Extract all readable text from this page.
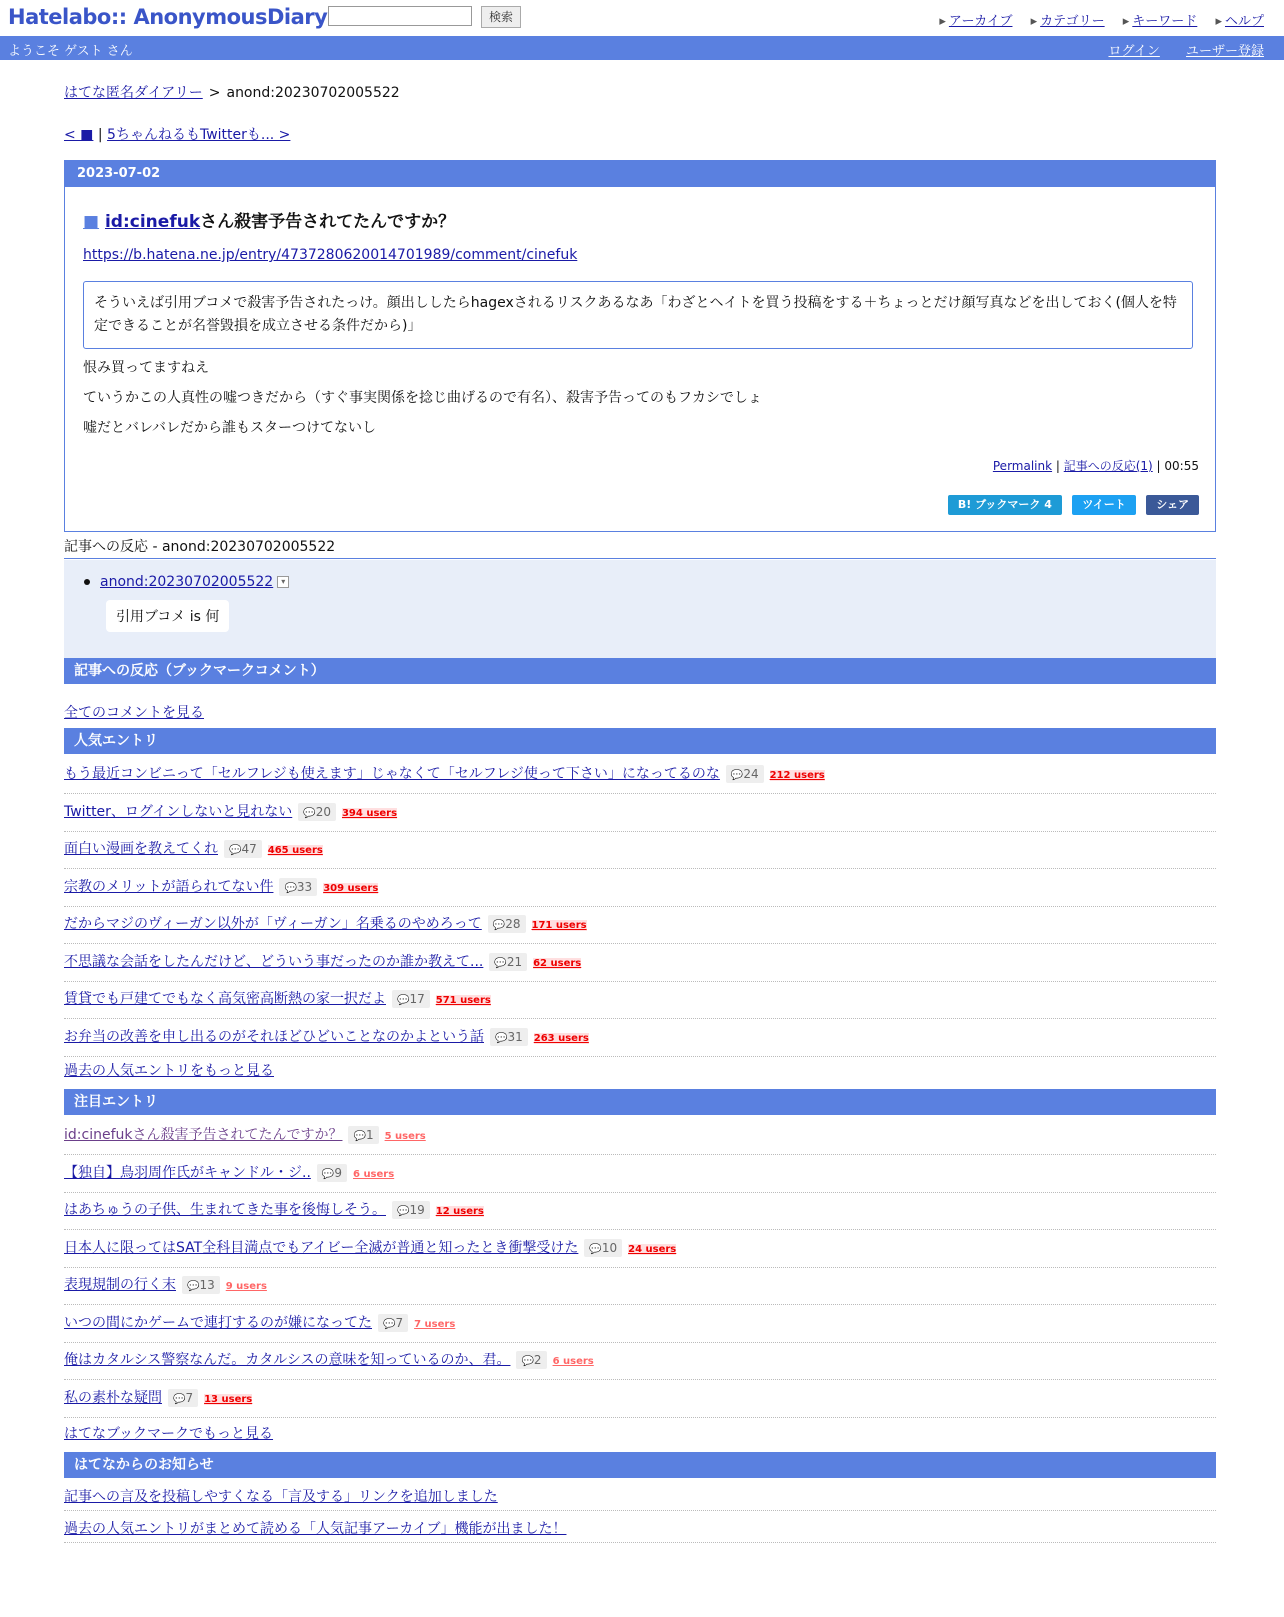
Hatelabo:: AnonymousDiary	検索	▸ アーカイブ ▸ カテゴリー ▸ キーワード ▸ ヘルプ
ようこそ ゲスト さん	ログイン ユーザー登録
はてな匿名ダイアリー > anond:20230702005522
< ■ | 5ちゃんねるもTwitterも... >
2023-07-02
■ id:cinefukさん殺害予告されてたんですか？
https://b.hatena.ne.jp/entry/4737280620014701989/comment/cinefuk
そういえば引用ブコメで殺害予告されたっけ。顔出ししたらhagexされるリスクあるなあ「わざとヘイトを買う投稿をする＋ちょっとだけ顔写真などを出しておく(個人を特定できることが名誉毀損を成立させる条件だから)」
恨み買ってますねえ
ていうかこの人真性の嘘つきだから（すぐ事実関係を捻じ曲げるので有名）、殺害予告ってのもフカシでしょ
嘘だとバレバレだから誰もスターつけてないし
Permalink | 記事への反応(1) | 00:55
B! ブックマーク 4	ツイート	シェア
記事への反応 - anond:20230702005522
anond:20230702005522 ▾
引用ブコメ is 何
記事への反応（ブックマークコメント）
全てのコメントを見る
人気エントリ
もう最近コンビニって「セルフレジも使えます」じゃなくて「セルフレジ使って下さい」になってるのな 💬24 212 users
Twitter、ログインしないと見れない 💬20 394 users
面白い漫画を教えてくれ 💬47 465 users
宗教のメリットが語られてない件 💬33 309 users
だからマジのヴィーガン以外が「ヴィーガン」名乗るのやめろって 💬28 171 users
不思議な会話をしたんだけど、どういう事だったのか誰か教えて... 💬21 62 users
賃貸でも戸建てでもなく高気密高断熱の家一択だよ 💬17 571 users
お弁当の改善を申し出るのがそれほどひどいことなのかよという話 💬31 263 users
過去の人気エントリをもっと見る
注目エントリ
id:cinefukさん殺害予告されてたんですか？ 💬1 5 users
【独自】鳥羽周作氏がキャンドル・ジ.. 💬9 6 users
はあちゅうの子供、生まれてきた事を後悔しそう。 💬19 12 users
日本人に限ってはSAT全科目満点でもアイビー全滅が普通と知ったとき衝撃受けた 💬10 24 users
表現規制の行く末 💬13 9 users
いつの間にかゲームで連打するのが嫌になってた 💬7 7 users
俺はカタルシス警察なんだ。カタルシスの意味を知っているのか、君。 💬2 6 users
私の素朴な疑問 💬7 13 users
はてなブックマークでもっと見る
はてなからのお知らせ
記事への言及を投稿しやすくなる「言及する」リンクを追加しました
過去の人気エントリがまとめて読める「人気記事アーカイブ」機能が出ました！
